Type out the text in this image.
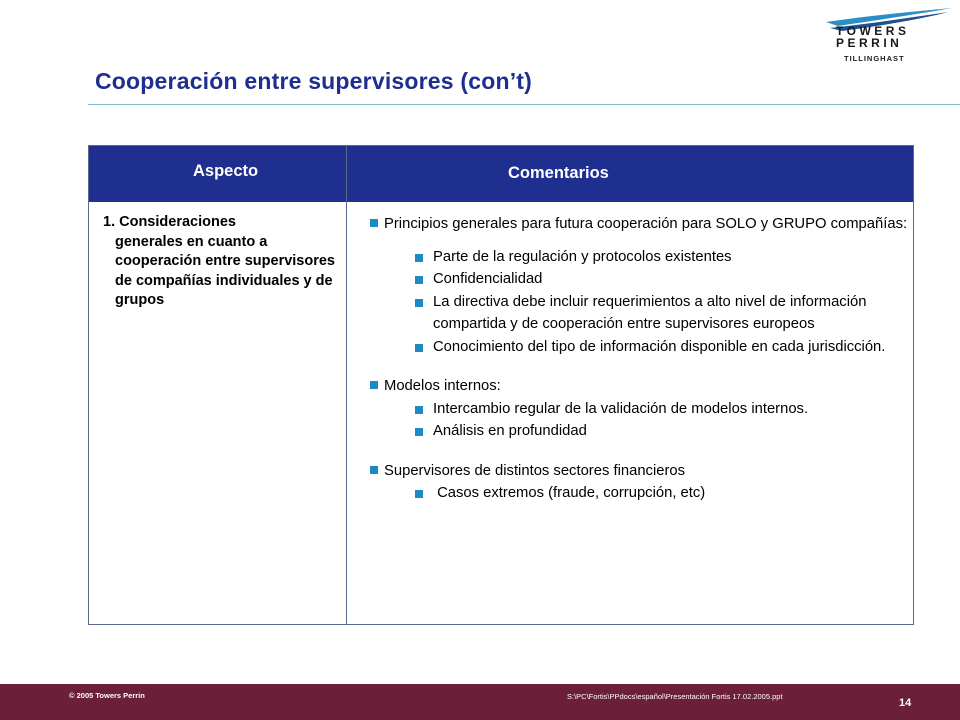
TOWERS
PERRIN
TILLINGHAST
Cooperación entre supervisores (con’t)
Aspecto	Comentarios
1. Consideraciones
generales en cuanto a cooperación entre supervisores de compañías individuales y de grupos
Principios generales para futura cooperación para SOLO y GRUPO compañías:
Parte de la regulación y protocolos existentes
Confidencialidad
La directiva debe incluir requerimientos a alto nivel de información compartida y de cooperación entre supervisores europeos
Conocimiento del tipo de información disponible en cada jurisdicción.
Modelos internos:
Intercambio regular de la validación de modelos internos.
Análisis en profundidad
Supervisores de distintos sectores financieros
Casos extremos (fraude, corrupción, etc)
© 2005 Towers Perrin	S:\PC\Fortis\PPdocs\español\Presentación Fortis 17.02.2005.ppt
14
